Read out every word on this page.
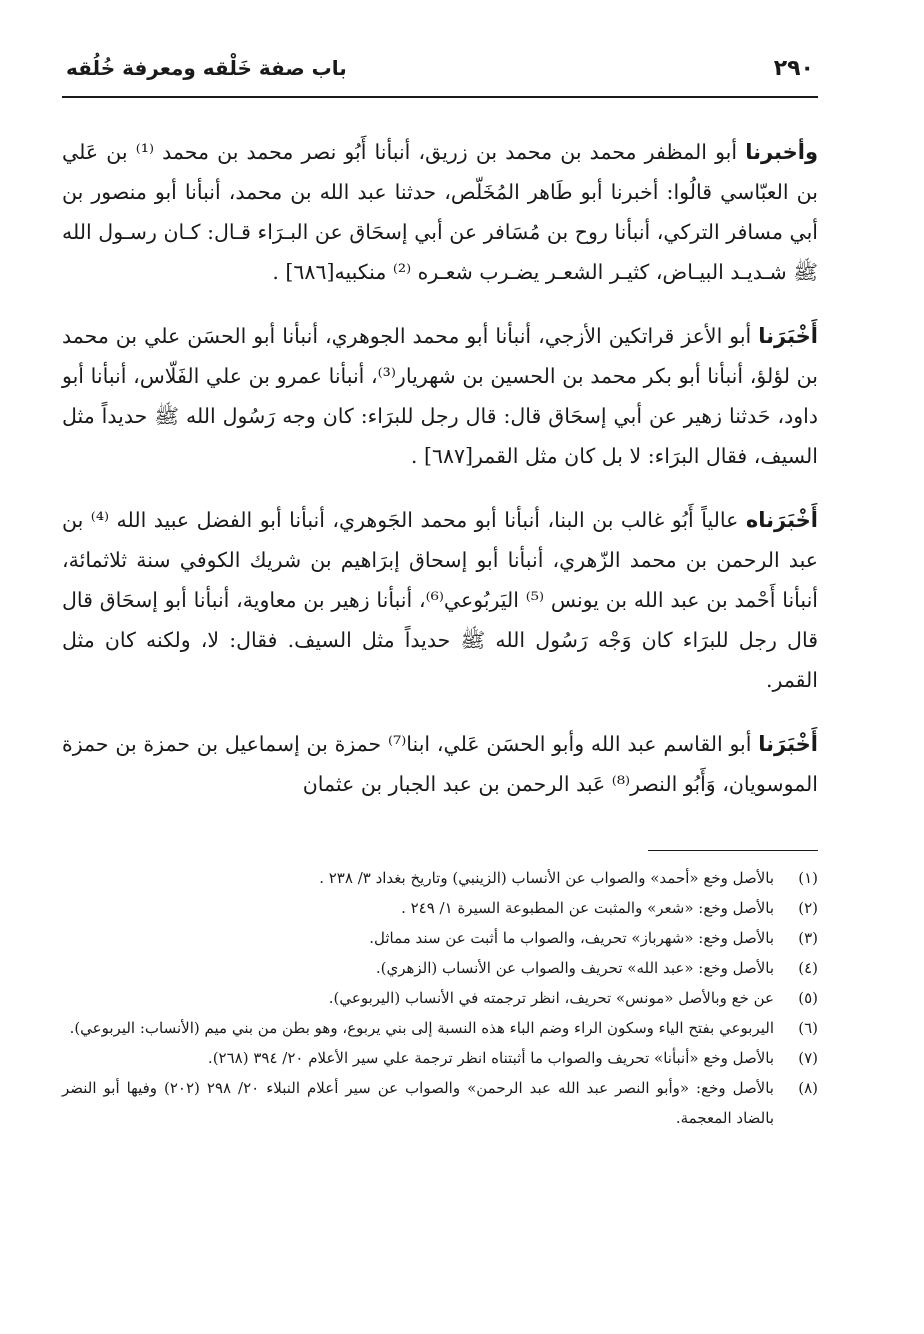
٢٩٠
باب صفة خَلْقه ومعرفة خُلُقه

وأخبرنا أبو المظفر محمد بن محمد بن زريق، أنبأنا أَبُو نصر محمد بن محمد ⁽¹⁾ بن عَلي بن العبّاسي قالُوا: أخبرنا أبو طَاهر المُخَلّص، حدثنا عبد الله بن محمد، أنبأنا أبو منصور بن أبي مسافر التركي، أنبأنا روح بن مُسَافر عن أبي إسحَاق عن البـرَاء قـال: كـان رسـول الله ﷺ شـديـد البيـاض، كثيـر الشعـر يضـرب شعـره ⁽²⁾ منكبيه[٦٨٦] .

أَخْبَرَنا أبو الأعز قراتكين الأزجي، أنبأنا أبو محمد الجوهري، أنبأنا أبو الحسَن علي بن محمد بن لؤلؤ، أنبأنا أبو بكر محمد بن الحسين بن شهريار⁽³⁾، أنبأنا عمرو بن علي الفَلّاس، أنبأنا أبو داود، حَدثنا زهير عن أبي إسحَاق قال: قال رجل للبرَاء: كان وجه رَسُول الله ﷺ حديداً مثل السيف، فقال البرَاء: لا بل كان مثل القمر[٦٨٧] .

أَخْبَرَناه عالياً أَبُو غالب بن البنا، أنبأنا أبو محمد الجَوهري، أنبأنا أبو الفضل عبيد الله ⁽⁴⁾ بن عبد الرحمن بن محمد الزّهري، أنبأنا أبو إسحاق إبرَاهيم بن شريك الكوفي سنة ثلاثمائة، أنبأنا أَحْمد بن عبد الله بن يونس ⁽⁵⁾ اليَربُوعي⁽⁶⁾، أنبأنا زهير بن معاوية، أنبأنا أبو إسحَاق قال قال رجل للبرَاء كان وَجْه رَسُول الله ﷺ حديداً مثل السيف. فقال: لا، ولكنه كان مثل القمر.

أَخْبَرَنا أبو القاسم عبد الله وأبو الحسَن عَلي، ابنا⁽⁷⁾ حمزة بن إسماعيل بن حمزة بن حمزة الموسويان، وَأَبُو النصر⁽⁸⁾ عَبد الرحمن بن عبد الجبار بن عثمان

(١)
بالأصل وخع «أحمد» والصواب عن الأنساب (الزينبي) وتاريخ بغداد ٣/ ٢٣٨ .
(٢)
بالأصل وخع: «شعر» والمثبت عن المطبوعة السيرة ١/ ٢٤٩ .
(٣)
بالأصل وخع: «شهرباز» تحريف، والصواب ما أثبت عن سند مماثل.
(٤)
بالأصل وخع: «عبد الله» تحريف والصواب عن الأنساب (الزهري).
(٥)
عن خع وبالأصل «مونس» تحريف، انظر ترجمته في الأنساب (اليربوعي).
(٦)
اليربوعي بفتح الياء وسكون الراء وضم الباء هذه النسبة إلى بني يربوع، وهو بطن من بني ميم (الأنساب: اليربوعي).
(٧)
بالأصل وخع «أنبأنا» تحريف والصواب ما أثبتناه انظر ترجمة علي سير الأعلام ٢٠/ ٣٩٤ (٢٦٨).
(٨)
بالأصل وخع: «وأبو النصر عبد الله عبد الرحمن» والصواب عن سير أعلام النبلاء ٢٠/ ٢٩٨ (٢٠٢) وفيها أبو النضر بالضاد المعجمة.
